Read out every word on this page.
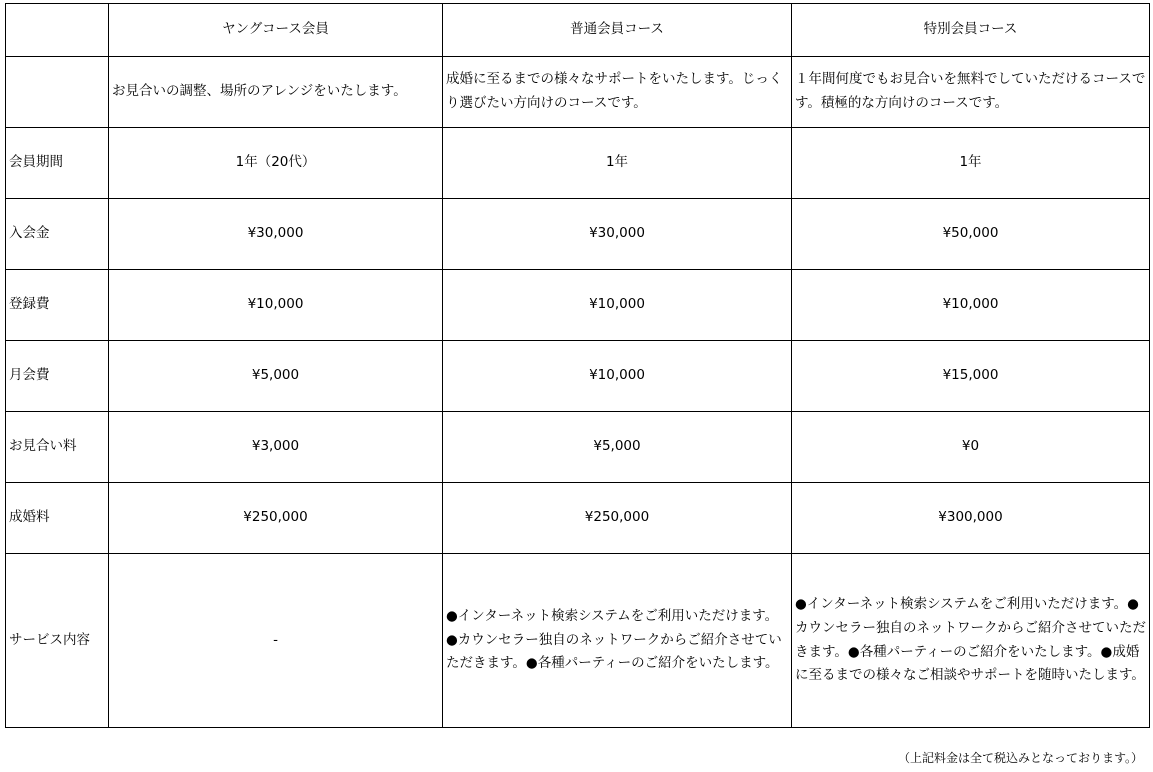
	ヤングコース会員	普通会員コース	特別会員コース
	お見合いの調整、場所のアレンジをいたします。	成婚に至るまでの様々なサポートをいたします。じっくり選びたい方向けのコースです。	１年間何度でもお見合いを無料でしていただけるコースです。積極的な方向けのコースです。
会員期間	1年（20代）	1年	1年
入会金	¥30,000	¥30,000	¥50,000
登録費	¥10,000	¥10,000	¥10,000
月会費	¥5,000	¥10,000	¥15,000
お見合い料	¥3,000	¥5,000	¥0
成婚料	¥250,000	¥250,000	¥300,000
サービス内容	-	●インターネット検索システムをご利用いただけます。●カウンセラー独自のネットワークからご紹介させていただきます。●各種パーティーのご紹介をいたします。	●インターネット検索システムをご利用いただけます。●カウンセラー独自のネットワークからご紹介させていただきます。●各種パーティーのご紹介をいたします。●成婚に至るまでの様々なご相談やサポートを随時いたします。
（上記料金は全て税込みとなっております。）
